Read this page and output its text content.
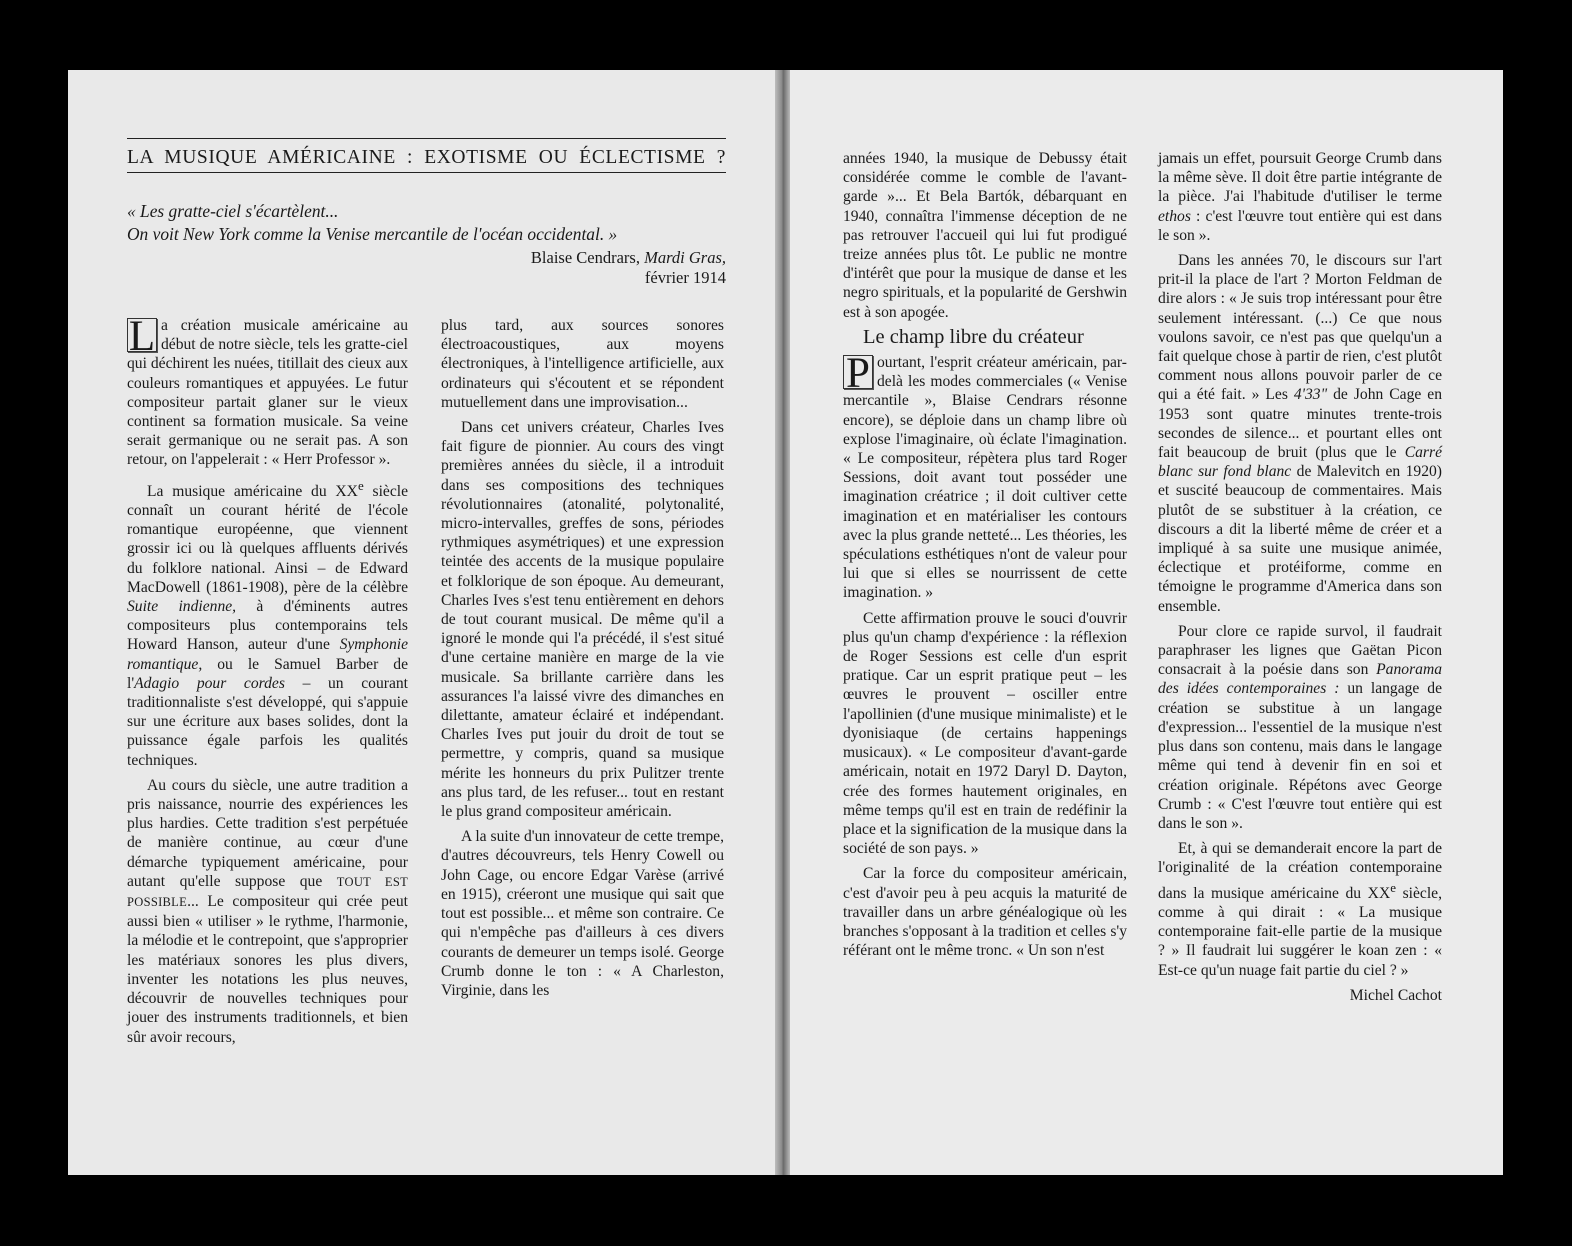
LA MUSIQUE AMÉRICAINE : EXOTISME OU ÉCLECTISME ?
« Les gratte-ciel s'écartèlent...
On voit New York comme la Venise mercantile de l'océan occidental. »
Blaise Cendrars, Mardi Gras,
février 1914

L a création musicale américaine au début de notre siècle, tels les gratte-ciel qui déchirent les nuées, titillait des cieux aux couleurs romantiques et appuyées. Le futur compositeur partait glaner sur le vieux continent sa formation musicale. Sa veine serait germanique ou ne serait pas. A son retour, on l'appelerait : « Herr Professor ».

La musique américaine du XXe siècle connaît un courant hérité de l'école romantique européenne, que viennent grossir ici ou là quelques affluents dérivés du folklore national. Ainsi – de Edward MacDowell (1861-1908), père de la célèbre Suite indienne, à d'éminents autres compositeurs plus contemporains tels Howard Hanson, auteur d'une Symphonie romantique, ou le Samuel Barber de l'Adagio pour cordes – un courant traditionnaliste s'est développé, qui s'appuie sur une écriture aux bases solides, dont la puissance égale parfois les qualités techniques.

Au cours du siècle, une autre tradition a pris naissance, nourrie des expériences les plus hardies. Cette tradition s'est perpétuée de manière continue, au cœur d'une démarche typiquement américaine, pour autant qu'elle suppose que TOUT EST POSSIBLE... Le compositeur qui crée peut aussi bien « utiliser » le rythme, l'harmonie, la mélodie et le contrepoint, que s'approprier les matériaux sonores les plus divers, inventer les notations les plus neuves, découvrir de nouvelles techniques pour jouer des instruments traditionnels, et bien sûr avoir recours,

plus tard, aux sources sonores électroacoustiques, aux moyens électroniques, à l'intelligence artificielle, aux ordinateurs qui s'écoutent et se répondent mutuellement dans une improvisation...

Dans cet univers créateur, Charles Ives fait figure de pionnier. Au cours des vingt premières années du siècle, il a introduit dans ses compositions des techniques révolutionnaires (atonalité, polytonalité, micro-intervalles, greffes de sons, périodes rythmiques asymétriques) et une expression teintée des accents de la musique populaire et folklorique de son époque. Au demeurant, Charles Ives s'est tenu entièrement en dehors de tout courant musical. De même qu'il a ignoré le monde qui l'a précédé, il s'est situé d'une certaine manière en marge de la vie musicale. Sa brillante carrière dans les assurances l'a laissé vivre des dimanches en dilettante, amateur éclairé et indépendant. Charles Ives put jouir du droit de tout se permettre, y compris, quand sa musique mérite les honneurs du prix Pulitzer trente ans plus tard, de les refuser... tout en restant le plus grand compositeur américain.

A la suite d'un innovateur de cette trempe, d'autres découvreurs, tels Henry Cowell ou John Cage, ou encore Edgar Varèse (arrivé en 1915), créeront une musique qui sait que tout est possible... et même son contraire. Ce qui n'empêche pas d'ailleurs à ces divers courants de demeurer un temps isolé. George Crumb donne le ton : « A Charleston, Virginie, dans les

années 1940, la musique de Debussy était considérée comme le comble de l'avant-garde »... Et Bela Bartók, débarquant en 1940, connaîtra l'immense déception de ne pas retrouver l'accueil qui lui fut prodigué treize années plus tôt. Le public ne montre d'intérêt que pour la musique de danse et les negro spirituals, et la popularité de Gershwin est à son apogée.

Le champ libre du créateur

P ourtant, l'esprit créateur américain, par-delà les modes commerciales (« Venise mercantile », Blaise Cendrars résonne encore), se déploie dans un champ libre où explose l'imaginaire, où éclate l'imagination. « Le compositeur, répètera plus tard Roger Sessions, doit avant tout posséder une imagination créatrice ; il doit cultiver cette imagination et en matérialiser les contours avec la plus grande netteté... Les théories, les spéculations esthétiques n'ont de valeur pour lui que si elles se nourrissent de cette imagination. »

Cette affirmation prouve le souci d'ouvrir plus qu'un champ d'expérience : la réflexion de Roger Sessions est celle d'un esprit pratique. Car un esprit pratique peut – les œuvres le prouvent – osciller entre l'apollinien (d'une musique minimaliste) et le dyonisiaque (de certains happenings musicaux). « Le compositeur d'avant-garde américain, notait en 1972 Daryl D. Dayton, crée des formes hautement originales, en même temps qu'il est en train de redéfinir la place et la signification de la musique dans la société de son pays. »

Car la force du compositeur américain, c'est d'avoir peu à peu acquis la maturité de travailler dans un arbre généalogique où les branches s'opposant à la tradition et celles s'y référant ont le même tronc. « Un son n'est

jamais un effet, poursuit George Crumb dans la même sève. Il doit être partie intégrante de la pièce. J'ai l'habitude d'utiliser le terme ethos : c'est l'œuvre tout entière qui est dans le son ».

Dans les années 70, le discours sur l'art prit-il la place de l'art ? Morton Feldman de dire alors : « Je suis trop intéressant pour être seulement intéressant. (...) Ce que nous voulons savoir, ce n'est pas que quelqu'un a fait quelque chose à partir de rien, c'est plutôt comment nous allons pouvoir parler de ce qui a été fait. » Les 4'33" de John Cage en 1953 sont quatre minutes trente-trois secondes de silence... et pourtant elles ont fait beaucoup de bruit (plus que le Carré blanc sur fond blanc de Malevitch en 1920) et suscité beaucoup de commentaires. Mais plutôt de se substituer à la création, ce discours a dit la liberté même de créer et a impliqué à sa suite une musique animée, éclectique et protéiforme, comme en témoigne le programme d'America dans son ensemble.

Pour clore ce rapide survol, il faudrait paraphraser les lignes que Gaëtan Picon consacrait à la poésie dans son Panorama des idées contemporaines : un langage de création se substitue à un langage d'expression... l'essentiel de la musique n'est plus dans son contenu, mais dans le langage même qui tend à devenir fin en soi et création originale. Répétons avec George Crumb : « C'est l'œuvre tout entière qui est dans le son ».

Et, à qui se demanderait encore la part de l'originalité de la création contemporaine dans la musique américaine du XXe siècle, comme à qui dirait : « La musique contemporaine fait-elle partie de la musique ? » Il faudrait lui suggérer le koan zen : « Est-ce qu'un nuage fait partie du ciel ? »

Michel Cachot
